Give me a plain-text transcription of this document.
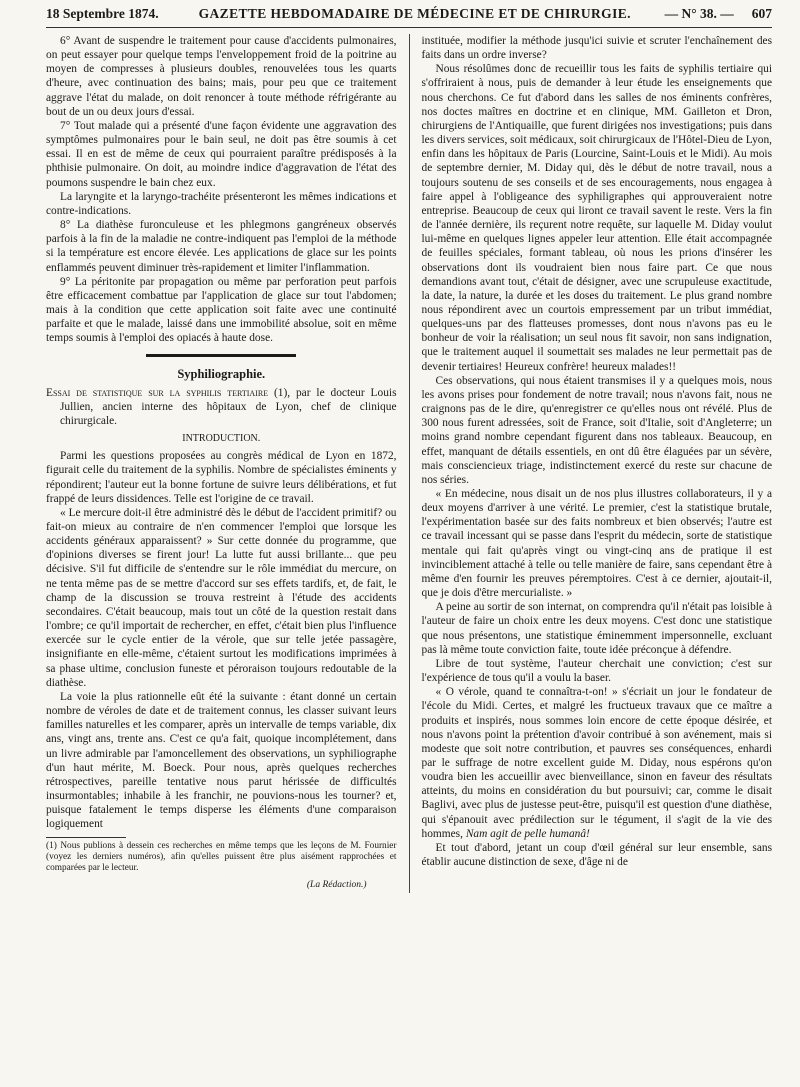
18 Septembre 1874.	GAZETTE HEBDOMADAIRE DE MÉDECINE ET DE CHIRURGIE. — N° 38. — 607

6° Avant de suspendre le traitement pour cause d'accidents pulmonaires, on peut essayer pour quelque temps l'enveloppement froid de la poitrine au moyen de compresses à plusieurs doubles, renouvelées tous les quarts d'heure, avec continuation des bains; mais, pour peu que ce traitement aggrave l'état du malade, on doit renoncer à toute méthode réfrigérante au bout de un ou deux jours d'essai.

7° Tout malade qui a présenté d'une façon évidente une aggravation des symptômes pulmonaires pour le bain seul, ne doit pas être soumis à cet essai. Il en est de même de ceux qui pourraient paraître prédisposés à la phthisie pulmonaire. On doit, au moindre indice d'aggravation de l'état des poumons suspendre le bain chez eux.

La laryngite et la laryngo-trachéite présenteront les mêmes indications et contre-indications.

8° La diathèse furonculeuse et les phlegmons gangréneux observés parfois à la fin de la maladie ne contre-indiquent pas l'emploi de la méthode si la température est encore élevée. Les applications de glace sur les points enflammés peuvent diminuer très-rapidement et limiter l'inflammation.

9° La péritonite par propagation ou même par perforation peut parfois être efficacement combattue par l'application de glace sur tout l'abdomen; mais à la condition que cette application soit faite avec une continuité parfaite et que le malade, laissé dans une immobilité absolue, soit en même temps soumis à l'emploi des opiacés à haute dose.

Syphiliographie.

Essai de statistique sur la syphilis tertiaire (1), par le docteur Louis Jullien, ancien interne des hôpitaux de Lyon, chef de clinique chirurgicale.

INTRODUCTION.

Parmi les questions proposées au congrès médical de Lyon en 1872, figurait celle du traitement de la syphilis. Nombre de spécialistes éminents y répondirent; l'auteur eut la bonne fortune de suivre leurs délibérations, et fut frappé de leurs dissidences. Telle est l'origine de ce travail.

« Le mercure doit-il être administré dès le début de l'accident primitif? ou fait-on mieux au contraire de n'en commencer l'emploi que lorsque les accidents généraux apparaissent? » Sur cette donnée du programme, que d'opinions diverses se firent jour! La lutte fut aussi brillante... que peu décisive. S'il fut difficile de s'entendre sur le rôle immédiat du mercure, on ne tenta même pas de se mettre d'accord sur ses effets tardifs, et, de fait, le champ de la discussion se trouva restreint à l'étude des accidents secondaires. C'était beaucoup, mais tout un côté de la question restait dans l'ombre; ce qu'il importait de rechercher, en effet, c'était bien plus l'influence exercée sur le cycle entier de la vérole, que sur telle jetée passagère, insignifiante en elle-même, c'étaient surtout les modifications imprimées à sa phase ultime, conclusion funeste et péroraison toujours redoutable de la diathèse.

La voie la plus rationnelle eût été la suivante : étant donné un certain nombre de véroles de date et de traitement connus, les classer suivant leurs familles naturelles et les comparer, après un intervalle de temps variable, dix ans, vingt ans, trente ans. C'est ce qu'a fait, quoique incomplétement, dans un livre admirable par l'amoncellement des observations, un syphiliographe d'un haut mérite, M. Boeck. Pour nous, après quelques recherches rétrospectives, pareille tentative nous parut hérissée de difficultés insurmontables; inhabile à les franchir, ne pouvions-nous les tourner? et, puisque fatalement le temps disperse les éléments d'une comparaison logiquement

(1) Nous publions à dessein ces recherches en même temps que les leçons de M. Fournier (voyez les derniers numéros), afin qu'elles puissent être plus aisément rapprochées et comparées par le lecteur.

(La Rédaction.)

instituée, modifier la méthode jusqu'ici suivie et scruter l'enchaînement des faits dans un ordre inverse?

Nous résolûmes donc de recueillir tous les faits de syphilis tertiaire qui s'offriraient à nous, puis de demander à leur étude les enseignements que nous cherchons. Ce fut d'abord dans les salles de nos éminents confrères, nos doctes maîtres en doctrine et en clinique, MM. Gailleton et Dron, chirurgiens de l'Antiquaille, que furent dirigées nos investigations; puis dans les divers services, soit médicaux, soit chirurgicaux de l'Hôtel-Dieu de Lyon, enfin dans les hôpitaux de Paris (Lourcine, Saint-Louis et le Midi). Au mois de septembre dernier, M. Diday qui, dès le début de notre travail, nous a toujours soutenu de ses conseils et de ses encouragements, nous engagea à faire appel à l'obligeance des syphiligraphes qui approuveraient notre entreprise. Beaucoup de ceux qui liront ce travail savent le reste. Vers la fin de l'année dernière, ils reçurent notre requête, sur laquelle M. Diday voulut lui-même en quelques lignes appeler leur attention. Elle était accompagnée de feuilles spéciales, formant tableau, où nous les prions d'insérer les observations dont ils voudraient bien nous faire part. Ce que nous demandions avant tout, c'était de désigner, avec une scrupuleuse exactitude, la date, la nature, la durée et les doses du traitement. Le plus grand nombre nous répondirent avec un courtois empressement par un tribut immédiat, quelques-uns par des flatteuses promesses, dont nous n'avons pas eu le bonheur de voir la réalisation; un seul nous fit savoir, non sans indignation, que le traitement auquel il soumettait ses malades ne leur permettait pas de devenir tertiaires! Heureux confrère! heureux malades!!

Ces observations, qui nous étaient transmises il y a quelques mois, nous les avons prises pour fondement de notre travail; nous n'avons fait, nous ne craignons pas de le dire, qu'enregistrer ce qu'elles nous ont révélé. Plus de 300 nous furent adressées, soit de France, soit d'Italie, soit d'Angleterre; un moins grand nombre cependant figurent dans nos tableaux. Beaucoup, en effet, manquant de détails essentiels, en ont dû être élaguées par un sévère, mais consciencieux triage, indistinctement exercé du reste sur chacune de nos séries.

« En médecine, nous disait un de nos plus illustres collaborateurs, il y a deux moyens d'arriver à une vérité. Le premier, c'est la statistique brutale, l'expérimentation basée sur des faits nombreux et bien observés; l'autre est ce travail incessant qui se passe dans l'esprit du médecin, sorte de statistique mentale qui fait qu'après vingt ou vingt-cinq ans de pratique il est invinciblement attaché à telle ou telle manière de faire, sans cependant être à même d'en fournir les preuves péremptoires. C'est à ce dernier, ajoutait-il, que je dois d'être mercurialiste. »

A peine au sortir de son internat, on comprendra qu'il n'était pas loisible à l'auteur de faire un choix entre les deux moyens. C'est donc une statistique que nous présentons, une statistique éminemment impersonnelle, excluant pas là même toute conviction faite, toute idée préconçue à défendre.

Libre de tout système, l'auteur cherchait une conviction; c'est sur l'expérience de tous qu'il a voulu la baser.

« O vérole, quand te connaîtra-t-on! » s'écriait un jour le fondateur de l'école du Midi. Certes, et malgré les fructueux travaux que ce maître a produits et inspirés, nous sommes loin encore de cette époque désirée, et nous n'avons point la prétention d'avoir contribué à son avénement, mais si modeste que soit notre contribution, et pauvres ses conséquences, enhardi par le suffrage de notre excellent guide M. Diday, nous espérons qu'on voudra bien les accueillir avec bienveillance, sinon en faveur des résultats atteints, du moins en considération du but poursuivi; car, comme le disait Baglivi, avec plus de justesse peut-être, puisqu'il est question d'une diathèse, qui s'épanouit avec prédilection sur le tégument, il s'agit de la vie des hommes, Nam agit de pelle humanâ!

Et tout d'abord, jetant un coup d'œil général sur leur ensemble, sans établir aucune distinction de sexe, d'âge ni de
